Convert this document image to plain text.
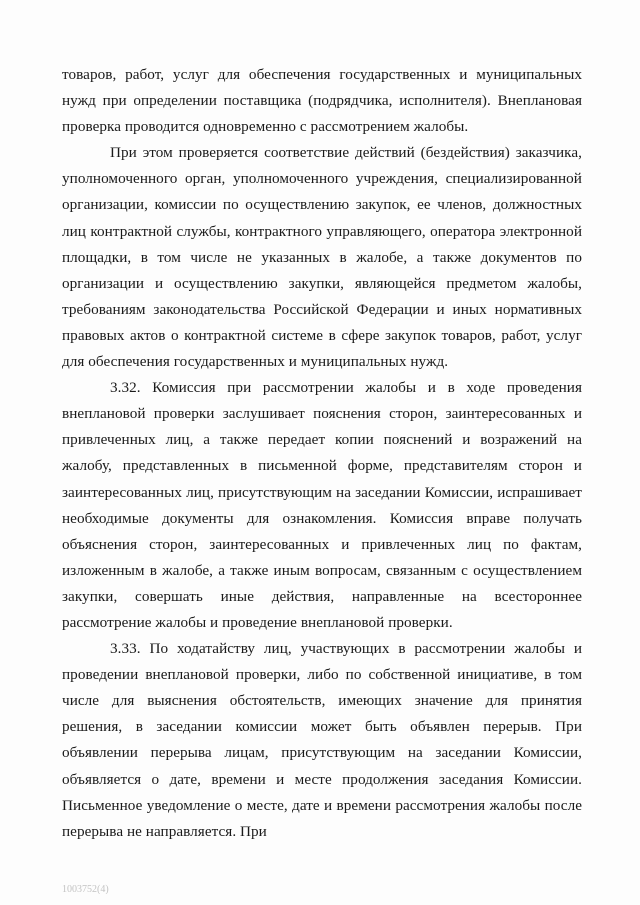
товаров, работ, услуг для обеспечения государственных и муниципальных нужд при определении поставщика (подрядчика, исполнителя). Внеплановая проверка проводится одновременно с рассмотрением жалобы.

При этом проверяется соответствие действий (бездействия) заказчика, уполномоченного орган, уполномоченного учреждения, специализированной организации, комиссии по осуществлению закупок, ее членов, должностных лиц контрактной службы, контрактного управляющего, оператора электронной площадки, в том числе не указанных в жалобе, а также документов по организации и осуществлению закупки, являющейся предметом жалобы, требованиям законодательства Российской Федерации и иных нормативных правовых актов о контрактной системе в сфере закупок товаров, работ, услуг для обеспечения государственных и муниципальных нужд.

3.32. Комиссия при рассмотрении жалобы и в ходе проведения внеплановой проверки заслушивает пояснения сторон, заинтересованных и привлеченных лиц, а также передает копии пояснений и возражений на жалобу, представленных в письменной форме, представителям сторон и заинтересованных лиц, присутствующим на заседании Комиссии, испрашивает необходимые документы для ознакомления. Комиссия вправе получать объяснения сторон, заинтересованных и привлеченных лиц по фактам, изложенным в жалобе, а также иным вопросам, связанным с осуществлением закупки, совершать иные действия, направленные на всестороннее рассмотрение жалобы и проведение внеплановой проверки.

3.33. По ходатайству лиц, участвующих в рассмотрении жалобы и проведении внеплановой проверки, либо по собственной инициативе, в том числе для выяснения обстоятельств, имеющих значение для принятия решения, в заседании комиссии может быть объявлен перерыв. При объявлении перерыва лицам, присутствующим на заседании Комиссии, объявляется о дате, времени и месте продолжения заседания Комиссии. Письменное уведомление о месте, дате и времени рассмотрения жалобы после перерыва не направляется. При

1003752(4)
